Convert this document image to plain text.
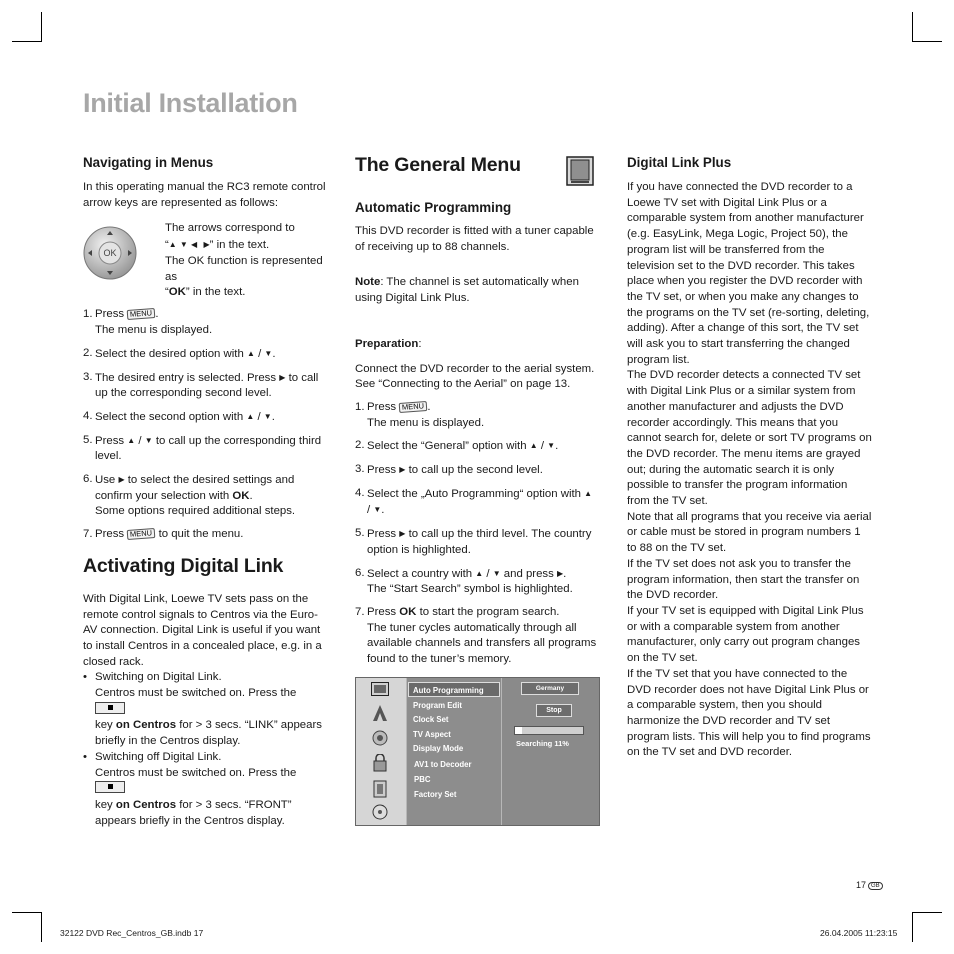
Initial Installation
Navigating in Menus

In this operating manual the RC3 remote control arrow keys are represented as follows:

OK

The arrows correspond to

“▲ ▼ ◀ ▶” in the text.

The OK function is represented as

“OK” in the text.

1. Press MENU .
The menu is displayed.
2. Select the desired option with ▲ / ▼.
3. The desired entry is selected. Press ▶ to call up the corresponding second level.
4. Select the second option with ▲ / ▼.
5. Press ▲ / ▼ to call up the corresponding third level.
6. Use ▶ to select the desired settings and confirm your selection with OK.
Some options required additional steps.
7. Press MENU to quit the menu.
Activating Digital Link

With Digital Link, Loewe TV sets pass on the remote control signals to Centros via the Euro-AV connection. Digital Link is useful if you want to install Centros in a concealed place, e.g. in a closed rack.

• Switching on Digital Link.
Centros must be switched on. Press the
key on Centros for > 3 secs. “LINK” appears briefly in the Centros display.
• Switching off Digital Link.
Centros must be switched on. Press the
key on Centros for > 3 secs. “FRONT” appears briefly in the Centros display.
The General Menu
Automatic Programming

This DVD recorder is fitted with a tuner capable of receiving up to 88 channels.

Note: The channel is set automatically when using Digital Link Plus.

Preparation:

Connect the DVD recorder to the aerial system. See “Connecting to the Aerial” on page 13.

1. Press MENU .
The menu is displayed.
2. Select the “General” option with ▲ / ▼.
3. Press ▶ to call up the second level.
4. Select the „Auto Programming“ option with ▲
/ ▼.
5. Press ▶ to call up the third level. The country option is highlighted.
6. Select a country with ▲ / ▼ and press ▶.
The “Start Search” symbol is highlighted.
7. Press OK to start the program search.
The tuner cycles automatically through all available channels and transfers all programs found to the tuner’s memory.
Auto Programming
Program Edit
Clock Set
TV Aspect
Display Mode
AV1 to Decoder
PBC
Factory Set
Germany
Stop
Searching 11%
Digital Link Plus

If you have connected the DVD recorder to a Loewe TV set with Digital Link Plus or a comparable system from another manufacturer (e.g. EasyLink, Mega Logic, Project 50), the program list will be transferred from the television set to the DVD recorder. This takes place when you register the DVD recorder with the TV set, or when you make any changes to the programs on the TV set (re-sorting, deleting, adding). After a change of this sort, the TV set will ask you to start transferring the changed program list.

The DVD recorder detects a connected TV set with Digital Link Plus or a similar system from another manufacturer and adjusts the DVD recorder accordingly. This means that you cannot search for, delete or sort TV programs on the DVD recorder. The menu items are grayed out; during the automatic search it is only possible to transfer the program information from the TV set.

Note that all programs that you receive via aerial or cable must be stored in program numbers 1 to 88 on the TV set.

If the TV set does not ask you to transfer the program information, then start the transfer on the DVD recorder.

If your TV set is equipped with Digital Link Plus or with a comparable system from another manufacturer, only carry out program changes on the TV set.

If the TV set that you have connected to the DVD recorder does not have Digital Link Plus or a comparable system, then you should harmonize the DVD recorder and TV set program lists. This will help you to find programs on the TV set and DVD recorder.

17 GB
32122 DVD Rec_Centros_GB.indb 17	26.04.2005 11:23:15
